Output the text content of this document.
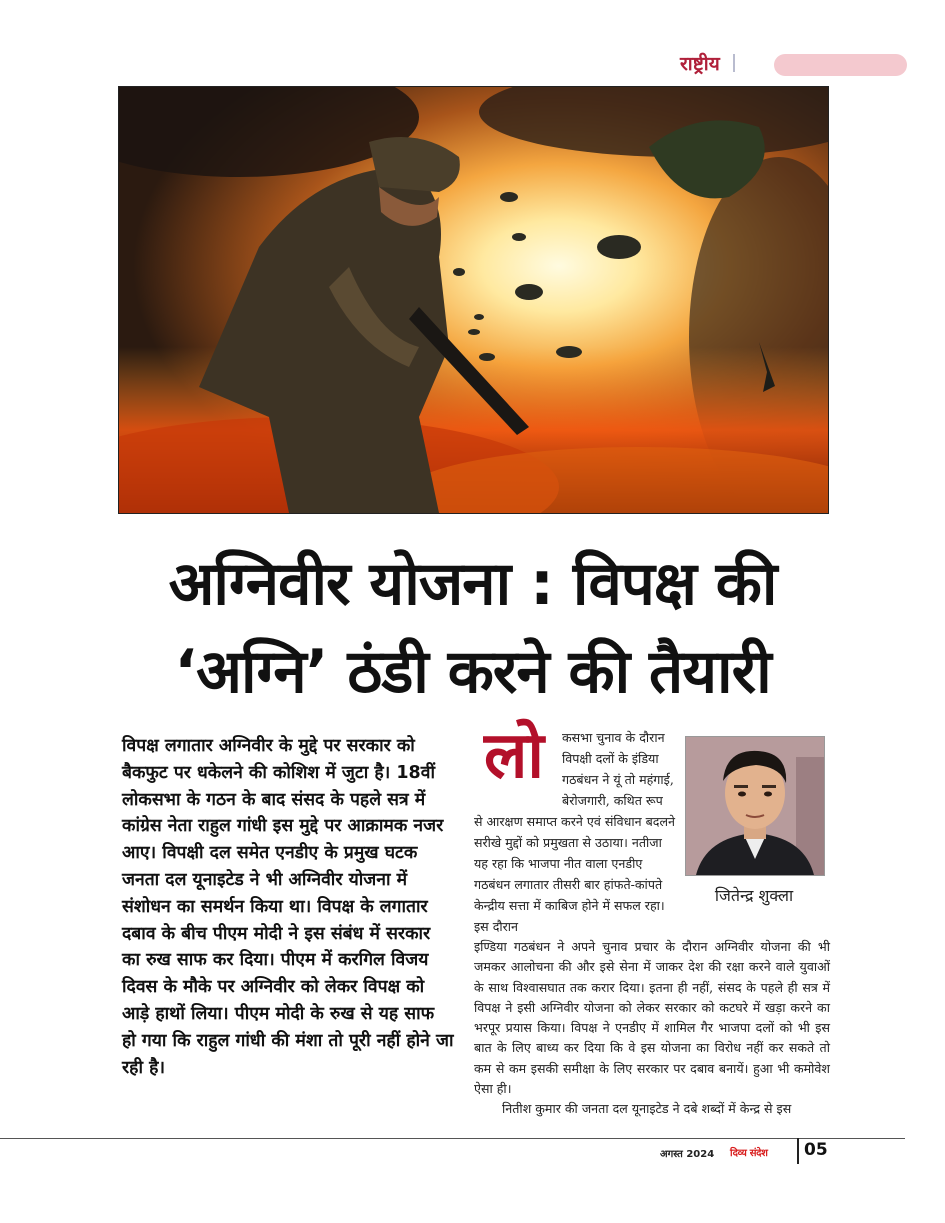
राष्ट्रीय
अग्निवीर योजना : विपक्ष की
‘अग्नि’ ठंडी करने की तैयारी

विपक्ष लगातार अग्निवीर के मुद्दे पर सरकार को बैकफुट पर धकेलने की कोशिश में जुटा है। 18वीं लोकसभा के गठन के बाद संसद के पहले सत्र में कांग्रेस नेता राहुल गांधी इस मुद्दे पर आक्रामक नजर आए। विपक्षी दल समेत एनडीए के प्रमुख घटक जनता दल यूनाइटेड ने भी अग्निवीर योजना में संशोधन का समर्थन किया था। विपक्ष के लगातार दबाव के बीच पीएम मोदी ने इस संबंध में सरकार का रुख साफ कर दिया। पीएम में करगिल विजय दिवस के मौके पर अग्निवीर को लेकर विपक्ष को आड़े हाथों लिया। पीएम मोदी के रुख से यह साफ हो गया कि राहुल गांधी की मंशा तो पूरी नहीं होने जा रही है।

लो कसभा चुनाव के दौरान विपक्षी दलों के इंडिया गठबंधन ने यूं तो महंगाई, बेरोजगारी, कथित रूप

से आरक्षण समाप्त करने एवं संविधान बदलने सरीखे मुद्दों को प्रमुखता से उठाया। नतीजा यह रहा कि भाजपा नीत वाला एनडीए गठबंधन लगातार तीसरी बार हांफते-कांपते केन्द्रीय सत्ता में काबिज होने में सफल रहा। इस दौरान

जितेन्द्र शुक्ला

इण्डिया गठबंधन ने अपने चुनाव प्रचार के दौरान अग्निवीर योजना की भी जमकर आलोचना की और इसे सेना में जाकर देश की रक्षा करने वाले युवाओं के साथ विश्वासघात तक करार दिया। इतना ही नहीं, संसद के पहले ही सत्र में विपक्ष ने इसी अग्निवीर योजना को लेकर सरकार को कटघरे में खड़ा करने का भरपूर प्रयास किया। विपक्ष ने एनडीए में शामिल गैर भाजपा दलों को भी इस बात के लिए बाध्य कर दिया कि वे इस योजना का विरोध नहीं कर सकते तो कम से कम इसकी समीक्षा के लिए सरकार पर दबाव बनायें। हुआ भी कमोवेश ऐसा ही।

नितीश कुमार की जनता दल यूनाइटेड ने दबे शब्दों में केन्द्र से इस

अगस्त 2024 दिव्य संदेश 05
